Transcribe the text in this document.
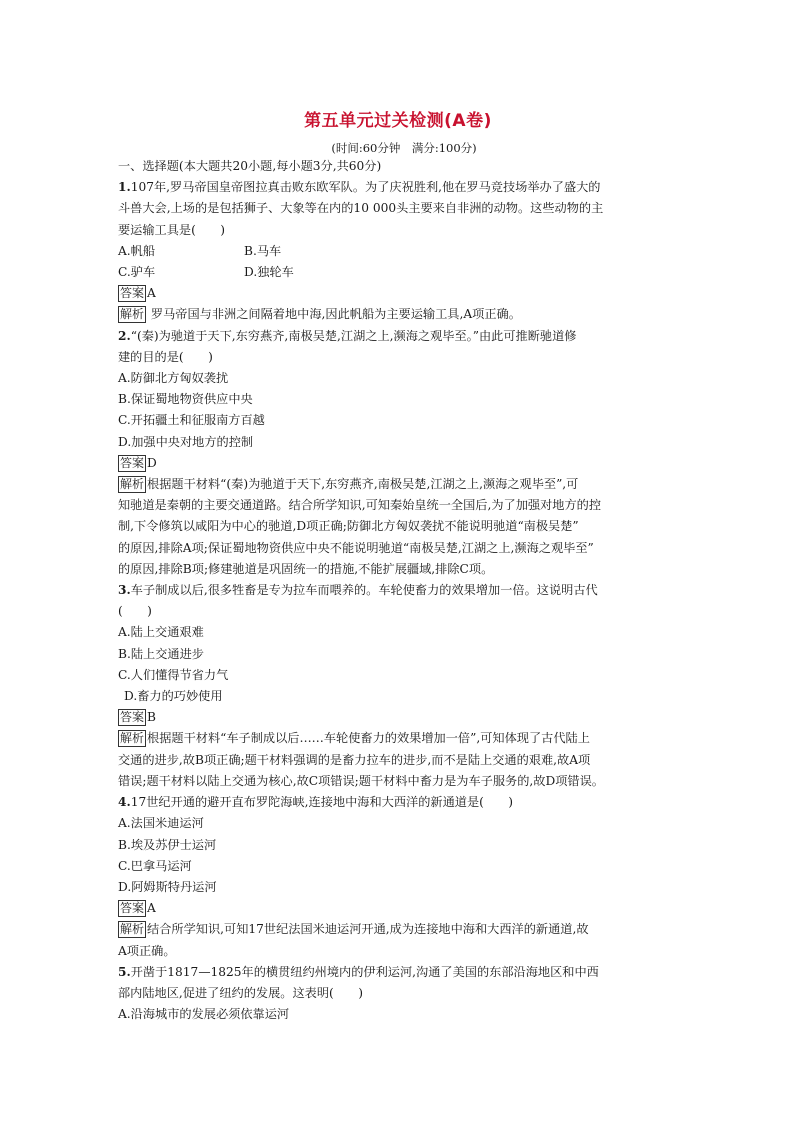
第五单元过关检测(A卷)
(时间:60分钟　满分:100分)
一、选择题(本大题共20小题,每小题3分,共60分)
1.107年,罗马帝国皇帝图拉真击败东欧军队。为了庆祝胜利,他在罗马竞技场举办了盛大的
斗兽大会,上场的是包括狮子、大象等在内的10 000头主要来自非洲的动物。这些动物的主
要运输工具是(　　)
A.帆船	B.马车
C.驴车	D.独轮车
答案 A
解析 罗马帝国与非洲之间隔着地中海,因此帆船为主要运输工具,A项正确。
2.“(秦)为驰道于天下,东穷燕齐,南极吴楚,江湖之上,濒海之观毕至。”由此可推断驰道修
建的目的是(　　)
A.防御北方匈奴袭扰
B.保证蜀地物资供应中央
C.开拓疆土和征服南方百越
D.加强中央对地方的控制
答案 D
解析 根据题干材料“(秦)为驰道于天下,东穷燕齐,南极吴楚,江湖之上,濒海之观毕至”,可
知驰道是秦朝的主要交通道路。结合所学知识,可知秦始皇统一全国后,为了加强对地方的控
制,下令修筑以咸阳为中心的驰道,D项正确;防御北方匈奴袭扰不能说明驰道“南极吴楚”
的原因,排除A项;保证蜀地物资供应中央不能说明驰道“南极吴楚,江湖之上,濒海之观毕至”
的原因,排除B项;修建驰道是巩固统一的措施,不能扩展疆域,排除C项。
3.车子制成以后,很多牲畜是专为拉车而喂养的。车轮使畜力的效果增加一倍。这说明古代
(　　)
A.陆上交通艰难
B.陆上交通进步
C.人们懂得节省力气
D.畜力的巧妙使用
答案 B
解析 根据题干材料“车子制成以后……车轮使畜力的效果增加一倍”,可知体现了古代陆上
交通的进步,故B项正确;题干材料强调的是畜力拉车的进步,而不是陆上交通的艰难,故A项
错误;题干材料以陆上交通为核心,故C项错误;题干材料中畜力是为车子服务的,故D项错误。
4.17世纪开通的避开直布罗陀海峡,连接地中海和大西洋的新通道是(　　)
A.法国米迪运河
B.埃及苏伊士运河
C.巴拿马运河
D.阿姆斯特丹运河
答案 A
解析 结合所学知识,可知17世纪法国米迪运河开通,成为连接地中海和大西洋的新通道,故
A项正确。
5.开凿于1817—1825年的横贯纽约州境内的伊利运河,沟通了美国的东部沿海地区和中西
部内陆地区,促进了纽约的发展。这表明(　　)
A.沿海城市的发展必须依靠运河
